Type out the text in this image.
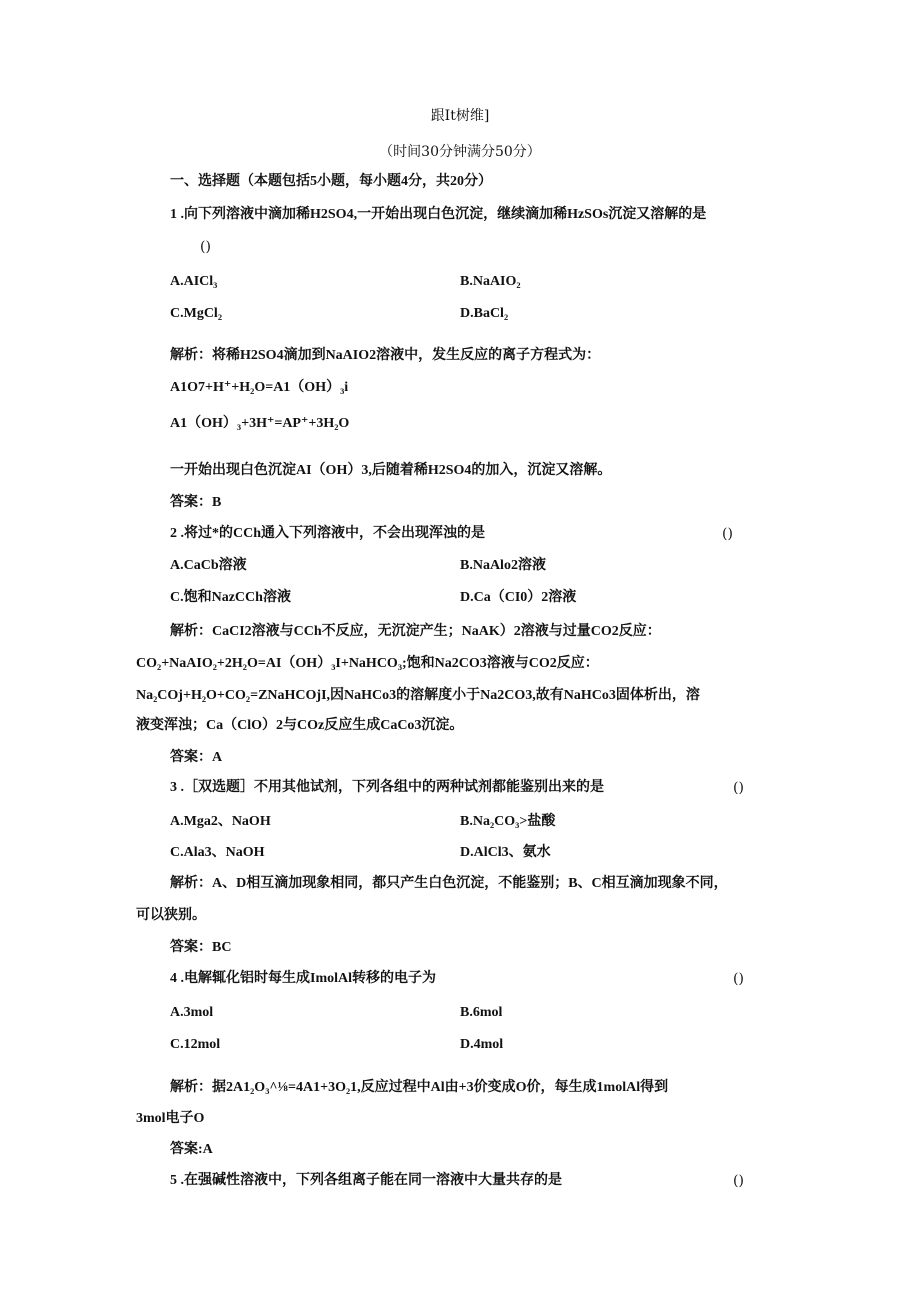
跟It树维]
（时间30分钟满分50分）
一、选择题（本题包括5小题，每小题4分，共20分）
1 .向下列溶液中滴加稀H2SO4,一开始出现白色沉淀，继续滴加稀HzSOs沉淀又溶解的是
()
A.AICl₃	B.NaAIO₂
C.MgCl₂	D.BaCl₂
解析：将稀H2SO4滴加到NaAIO2溶液中，发生反应的离子方程式为：
A1O7+H⁺+H₂O=A1（OH）₃i
A1（OH）₃+3H⁺=AP⁺+3H₂O
一开始出现白色沉淀AI（OH）3,后随着稀H2SO4的加入，沉淀又溶解。
答案：B
2 .将过*的CCh通入下列溶液中，不会出现浑浊的是	()
A.CaCb溶液	B.NaAlo2溶液
C.饱和NazCCh溶液	D.Ca（CI0）2溶液
解析：CaCI2溶液与CCh不反应，无沉淀产生；NaAK）2溶液与过量CO2反应：
CO₂+NaAIO₂+2H₂O=AI（OH）₃I+NaHCO₃;饱和Na2CO3溶液与CO2反应：
Na₂COj+H₂O+CO₂=ZNaHCOjI,因NaHCo3的溶解度小于Na2CO3,故有NaHCo3固体析出，溶
液变浑浊；Ca（ClO）2与COz反应生成CaCo3沉淀。
答案：A
3 .［双选题］不用其他试剂，下列各组中的两种试剂都能鉴别出来的是	()
A.Mga2、NaOH	B.Na₂CO₃>盐酸
C.Ala3、NaOH	D.AlCl3、氨水
解析：A、D相互滴加现象相同，都只产生白色沉淀，不能鉴别；B、C相互滴加现象不同，
可以狭别。
答案：BC
4 .电解辄化铝时每生成ImolAl转移的电子为	()
A.3mol	B.6mol
C.12mol	D.4mol
解析：据2A1₂O₃^⅛=4A1+3O₂1,反应过程中Al由+3价变成O价，每生成1molAl得到
3mol电子O
答案:A
5 .在强碱性溶液中，下列各组离子能在同一溶液中大量共存的是	()
